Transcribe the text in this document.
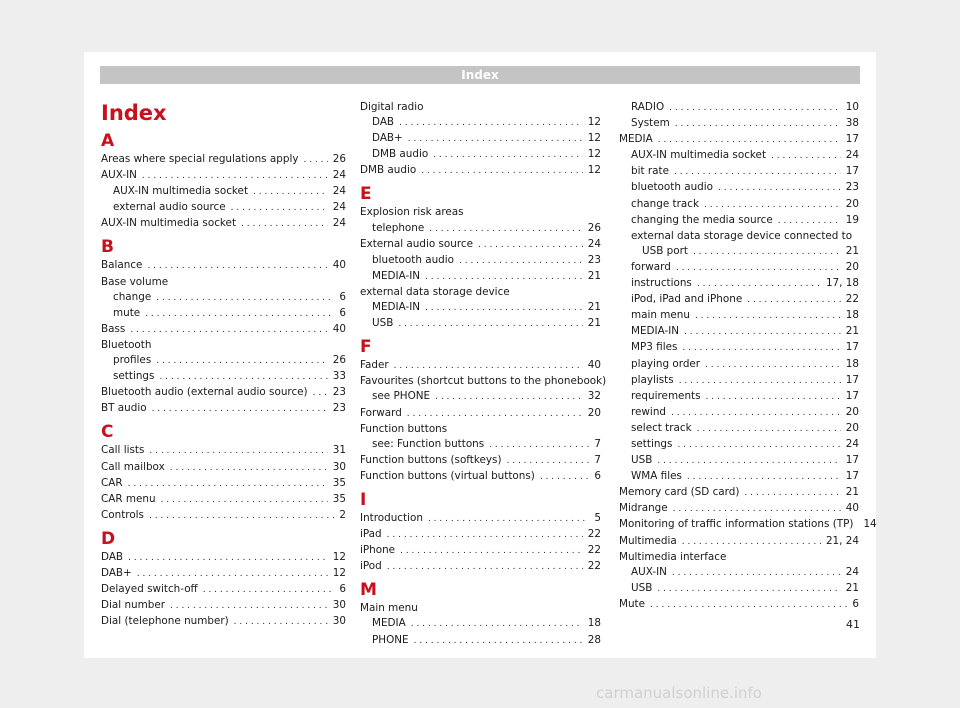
Index
Index
A
Areas where special regulations apply . . .	26
AUX-IN . . .	24
AUX-IN multimedia socket . . .	24
external audio source . . .	24
AUX-IN multimedia socket . . .	24
B
Balance . . .	40
Base volume
change . . .	6
mute . . .	6
Bass . . .	40
Bluetooth
profiles . . .	26
settings . . .	33
Bluetooth audio (external audio source) . . . 23
BT audio . . .	23
C
Call lists . . .	31
Call mailbox . . .	30
CAR . . .	35
CAR menu . . .	35
Controls . . .	2
D
DAB . . .	12
DAB+ . . .	12
Delayed switch-off . . .	6
Dial number . . .	30
Dial (telephone number) . . .	30
Digital radio
DAB . . .	12
DAB+ . . .	12
DMB audio . . .	12
DMB audio . . .	12
E
Explosion risk areas
telephone . . .	26
External audio source . . .	24
bluetooth audio . . .	23
MEDIA-IN . . .	21
external data storage device
MEDIA-IN . . .	21
USB . . .	21
F
Fader . . .	40
Favourites (shortcut buttons to the phonebook)
see PHONE . . .	32
Forward . . .	20
Function buttons
see: Function buttons . . .	7
Function buttons (softkeys) . . .	7
Function buttons (virtual buttons) . . .	6
I
Introduction . . .	5
iPad . . .	22
iPhone . . .	22
iPod . . .	22
M
Main menu
MEDIA . . .	18
PHONE . . .	28
RADIO . . .	10
System . . .	38
MEDIA . . .	17
AUX-IN multimedia socket . . .	24
bit rate . . .	17
bluetooth audio . . .	23
change track . . .	20
changing the media source . . .	19
external data storage device connected to
USB port . . .	21
forward . . .	20
instructions . . .	17, 18
iPod, iPad and iPhone . . .	22
main menu . . .	18
MEDIA-IN . . .	21
MP3 files . . .	17
playing order . . .	18
playlists . . .	17
requirements . . .	17
rewind . . .	20
select track . . .	20
settings . . .	24
USB . . .	17
WMA files . . .	17
Memory card (SD card) . . .	21
Midrange . . .	40
Monitoring of traffic information stations (TP) 14
Multimedia . . .	21, 24
Multimedia interface
AUX-IN . . .	24
USB . . .	21
Mute . . .	6
41
carmanualsonline.info
